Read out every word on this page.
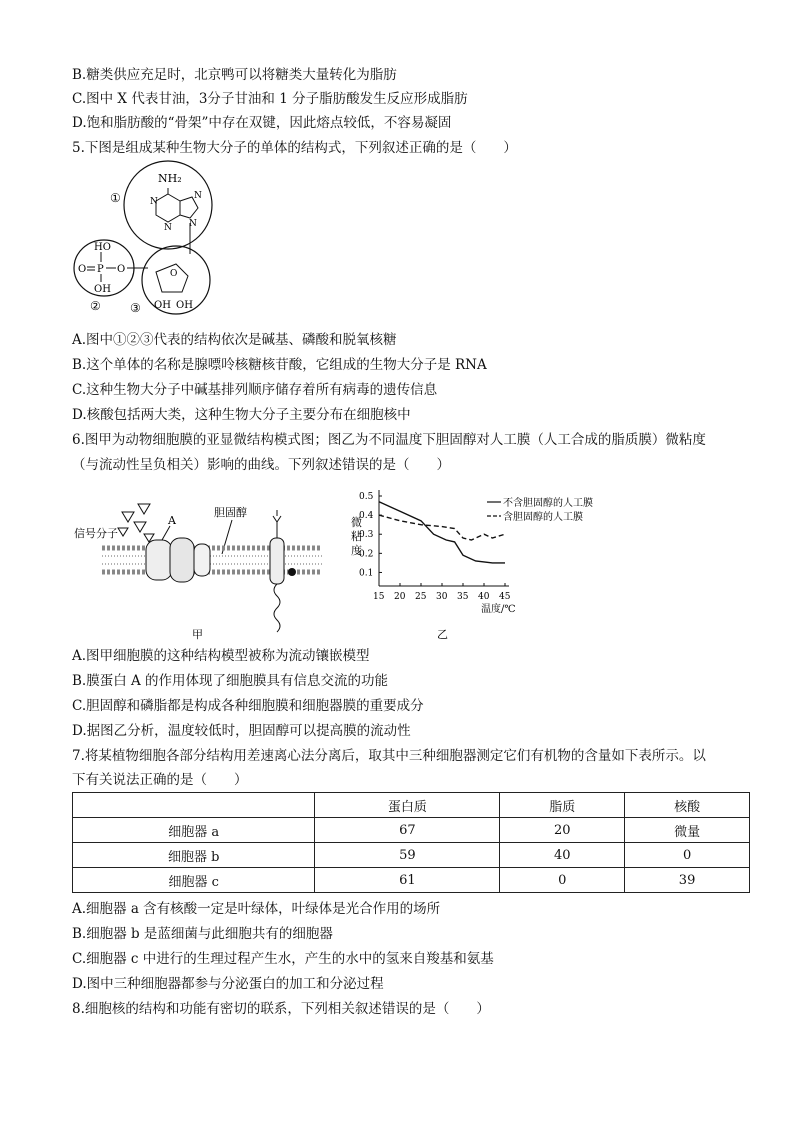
B.糖类供应充足时，北京鸭可以将糖类大量转化为脂肪
C.图中 X 代表甘油，3分子甘油和 1 分子脂肪酸发生反应形成脂肪
D.饱和脂肪酸的“骨架”中存在双键，因此熔点较低，不容易凝固
5.下图是组成某种生物大分子的单体的结构式，下列叙述正确的是（　　）
①
NH₂
N
N
N
N
HO
O P O
OH
②
O
OH OH
③
A.图中①②③代表的结构依次是碱基、磷酸和脱氧核糖
B.这个单体的名称是腺嘌呤核糖核苷酸，它组成的生物大分子是 RNA
C.这种生物大分子中碱基排列顺序储存着所有病毒的遗传信息
D.核酸包括两大类，这种生物大分子主要分布在细胞核中
6.图甲为动物细胞膜的亚显微结构模式图；图乙为不同温度下胆固醇对人工膜（人工合成的脂质膜）微粘度
（与流动性呈负相关）影响的曲线。下列叙述错误的是（　　）
信号分子
A
胆固醇
甲
0.1
0.2
0.3
0.4
0.5
15 20 25 30 35 40 45
不含胆固醇的人工膜
含胆固醇的人工膜
微粘度
温度/℃
乙
A.图甲细胞膜的这种结构模型被称为流动镶嵌模型
B.膜蛋白 A 的作用体现了细胞膜具有信息交流的功能
C.胆固醇和磷脂都是构成各种细胞膜和细胞器膜的重要成分
D.据图乙分析，温度较低时，胆固醇可以提高膜的流动性
7.将某植物细胞各部分结构用差速离心法分离后，取其中三种细胞器测定它们有机物的含量如下表所示。以
下有关说法正确的是（　　）
	蛋白质	脂质	核酸
细胞器 a	67	20	微量
细胞器 b	59	40	0
细胞器 c	61	0	39
A.细胞器 a 含有核酸一定是叶绿体，叶绿体是光合作用的场所
B.细胞器 b 是蓝细菌与此细胞共有的细胞器
C.细胞器 c 中进行的生理过程产生水，产生的水中的氢来自羧基和氨基
D.图中三种细胞器都参与分泌蛋白的加工和分泌过程
8.细胞核的结构和功能有密切的联系，下列相关叙述错误的是（　　）
